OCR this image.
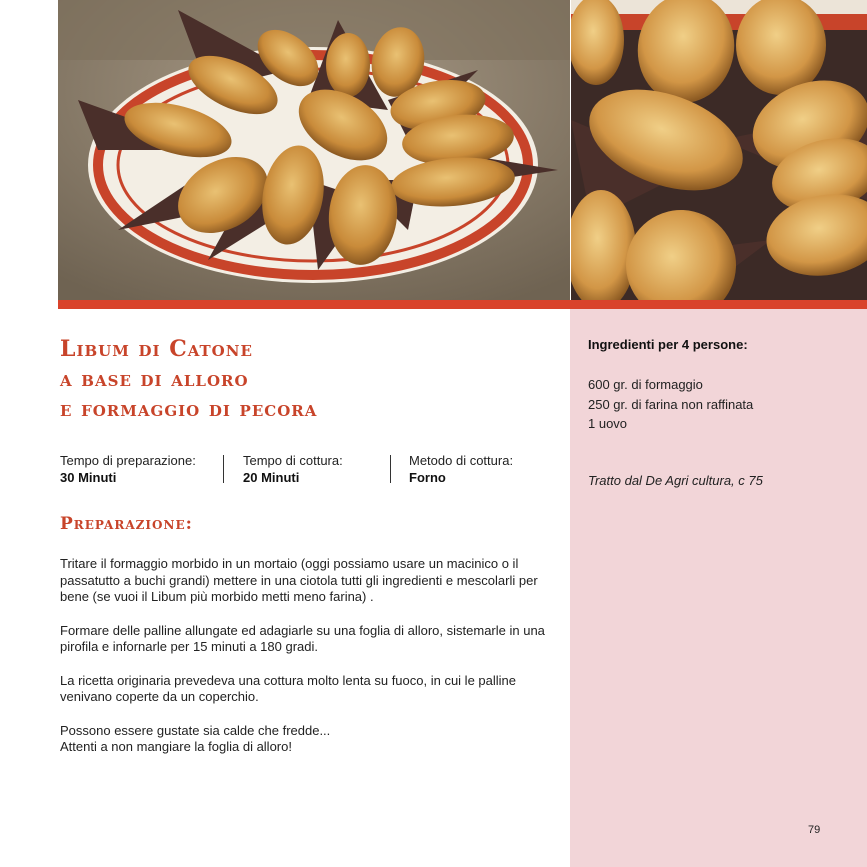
Libum di Catone
a base di alloro
e formaggio di pecora
Tempo di preparazione:
30 Minuti
Tempo di cottura:
20 Minuti
Metodo di cottura:
Forno
Preparazione:

Tritare il formaggio morbido in un mortaio (oggi possiamo usare un macinico o il passatutto a buchi grandi) mettere in una ciotola tutti gli ingredienti e mescolarli per bene (se vuoi il Libum più morbido metti meno farina) .

Formare delle palline allungate ed adagiarle su una foglia di alloro, sistemarle in una pirofila e infornarle per 15 minuti a 180 gradi.

La ricetta originaria prevedeva una cottura molto lenta su fuoco, in cui le palline venivano coperte da un coperchio.

Possono essere gustate sia calde che fredde...
Attenti a non mangiare la foglia di alloro!

Ingredienti per 4 persone:
600 gr. di formaggio
250 gr. di farina non raffinata
1 uovo
Tratto dal De Agri cultura, c 75
79
